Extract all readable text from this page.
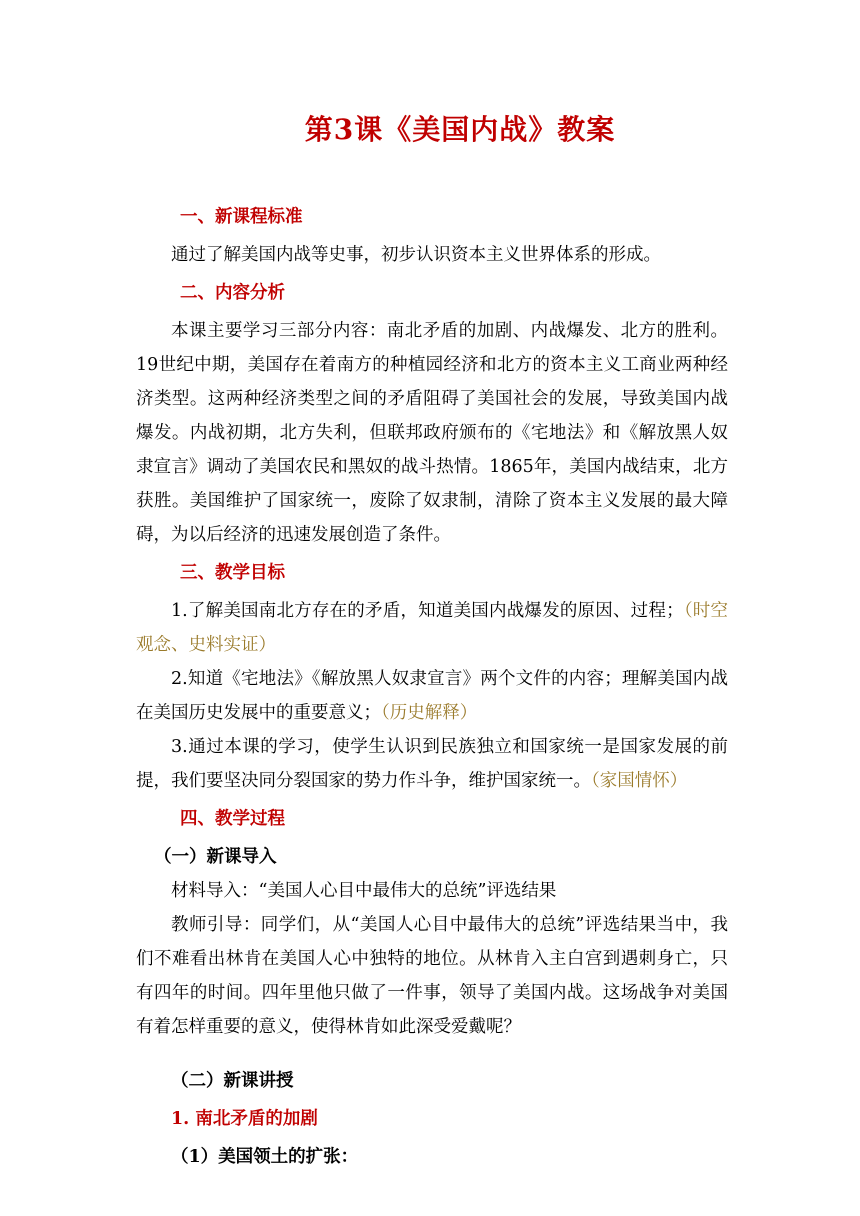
第3课《美国内战》教案

一、新课程标准

通过了解美国内战等史事，初步认识资本主义世界体系的形成。

二、内容分析

本课主要学习三部分内容：南北矛盾的加剧、内战爆发、北方的胜利。19世纪中期，美国存在着南方的种植园经济和北方的资本主义工商业两种经济类型。这两种经济类型之间的矛盾阻碍了美国社会的发展，导致美国内战爆发。内战初期，北方失利，但联邦政府颁布的《宅地法》和《解放黑人奴隶宣言》调动了美国农民和黑奴的战斗热情。1865年，美国内战结束，北方获胜。美国维护了国家统一，废除了奴隶制，清除了资本主义发展的最大障碍，为以后经济的迅速发展创造了条件。

三、教学目标

1.了解美国南北方存在的矛盾，知道美国内战爆发的原因、过程；（时空观念、史料实证）

2.知道《宅地法》《解放黑人奴隶宣言》两个文件的内容；理解美国内战在美国历史发展中的重要意义；（历史解释）

3.通过本课的学习，使学生认识到民族独立和国家统一是国家发展的前提，我们要坚决同分裂国家的势力作斗争，维护国家统一。（家国情怀）

四、教学过程

（一）新课导入

材料导入：“美国人心目中最伟大的总统”评选结果

教师引导：同学们，从“美国人心目中最伟大的总统”评选结果当中，我们不难看出林肯在美国人心中独特的地位。从林肯入主白宫到遇刺身亡，只有四年的时间。四年里他只做了一件事，领导了美国内战。这场战争对美国有着怎样重要的意义，使得林肯如此深受爱戴呢？

（二）新课讲授

1. 南北矛盾的加剧

（1）美国领土的扩张：
